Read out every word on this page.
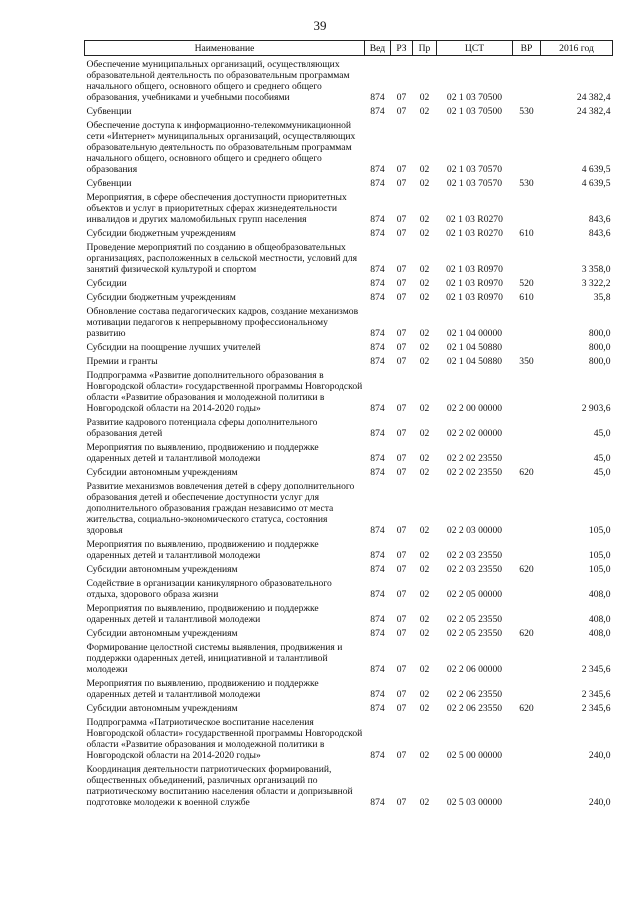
39
Наименование	Вед	РЗ	Пр	ЦСТ	ВР	2016 год
Обеспечение муниципальных организаций, осуществляющих образовательной деятельность по образовательным программам начального общего, основного общего и среднего общего образования, учебниками и учебными пособиями	874	07	02	02 1 03 70500		24 382,4
Субвенции	874	07	02	02 1 03 70500	530	24 382,4
Обеспечение доступа к информационно-телекоммуникационной сети «Интернет» муниципальных организаций, осуществляющих образовательную деятельность по образовательным программам начального общего, основного общего и среднего общего образования	874	07	02	02 1 03 70570		4 639,5
Субвенции	874	07	02	02 1 03 70570	530	4 639,5
Мероприятия, в сфере обеспечения доступности приоритетных объектов и услуг в приоритетных сферах жизнедеятельности инвалидов и других маломобильных групп населения	874	07	02	02 1 03 R0270		843,6
Субсидии бюджетным учреждениям	874	07	02	02 1 03 R0270	610	843,6
Проведение мероприятий по созданию в общеобразовательных организациях, расположенных в сельской местности, условий для занятий физической культурой и спортом	874	07	02	02 1 03 R0970		3 358,0
Субсидии	874	07	02	02 1 03 R0970	520	3 322,2
Субсидии бюджетным учреждениям	874	07	02	02 1 03 R0970	610	35,8
Обновление состава педагогических кадров, создание механизмов мотивации педагогов к непрерывному профессиональному развитию	874	07	02	02 1 04 00000		800,0
Субсидии на поощрение лучших учителей	874	07	02	02 1 04 50880		800,0
Премии и гранты	874	07	02	02 1 04 50880	350	800,0
Подпрограмма «Развитие дополнительного образования в Новгородской области» государственной программы Новгородской области «Развитие образования и молодежной политики в Новгородской области на 2014-2020 годы»	874	07	02	02 2 00 00000		2 903,6
Развитие кадрового потенциала сферы дополнительного образования детей	874	07	02	02 2 02 00000		45,0
Мероприятия по выявлению, продвижению и поддержке одаренных детей и талантливой молодежи	874	07	02	02 2 02 23550		45,0
Субсидии автономным учреждениям	874	07	02	02 2 02 23550	620	45,0
Развитие механизмов вовлечения детей в сферу дополнительного образования детей и обеспечение доступности услуг для дополнительного образования граждан независимо от места жительства, социально-экономического статуса, состояния здоровья	874	07	02	02 2 03 00000		105,0
Мероприятия по выявлению, продвижению и поддержке одаренных детей и талантливой молодежи	874	07	02	02 2 03 23550		105,0
Субсидии автономным учреждениям	874	07	02	02 2 03 23550	620	105,0
Содействие в организации каникулярного образовательного отдыха, здорового образа жизни	874	07	02	02 2 05 00000		408,0
Мероприятия по выявлению, продвижению и поддержке одаренных детей и талантливой молодежи	874	07	02	02 2 05 23550		408,0
Субсидии автономным учреждениям	874	07	02	02 2 05 23550	620	408,0
Формирование целостной системы выявления, продвижения и поддержки одаренных детей, инициативной и талантливой молодежи	874	07	02	02 2 06 00000		2 345,6
Мероприятия по выявлению, продвижению и поддержке одаренных детей и талантливой молодежи	874	07	02	02 2 06 23550		2 345,6
Субсидии автономным учреждениям	874	07	02	02 2 06 23550	620	2 345,6
Подпрограмма «Патриотическое воспитание населения Новгородской области» государственной программы Новгородской области «Развитие образования и молодежной политики в Новгородской области на 2014-2020 годы»	874	07	02	02 5 00 00000		240,0
Координация деятельности патриотических формирований, общественных объединений, различных организаций по патриотическому воспитанию населения области и допризывной подготовке молодежи к военной службе	874	07	02	02 5 03 00000		240,0
